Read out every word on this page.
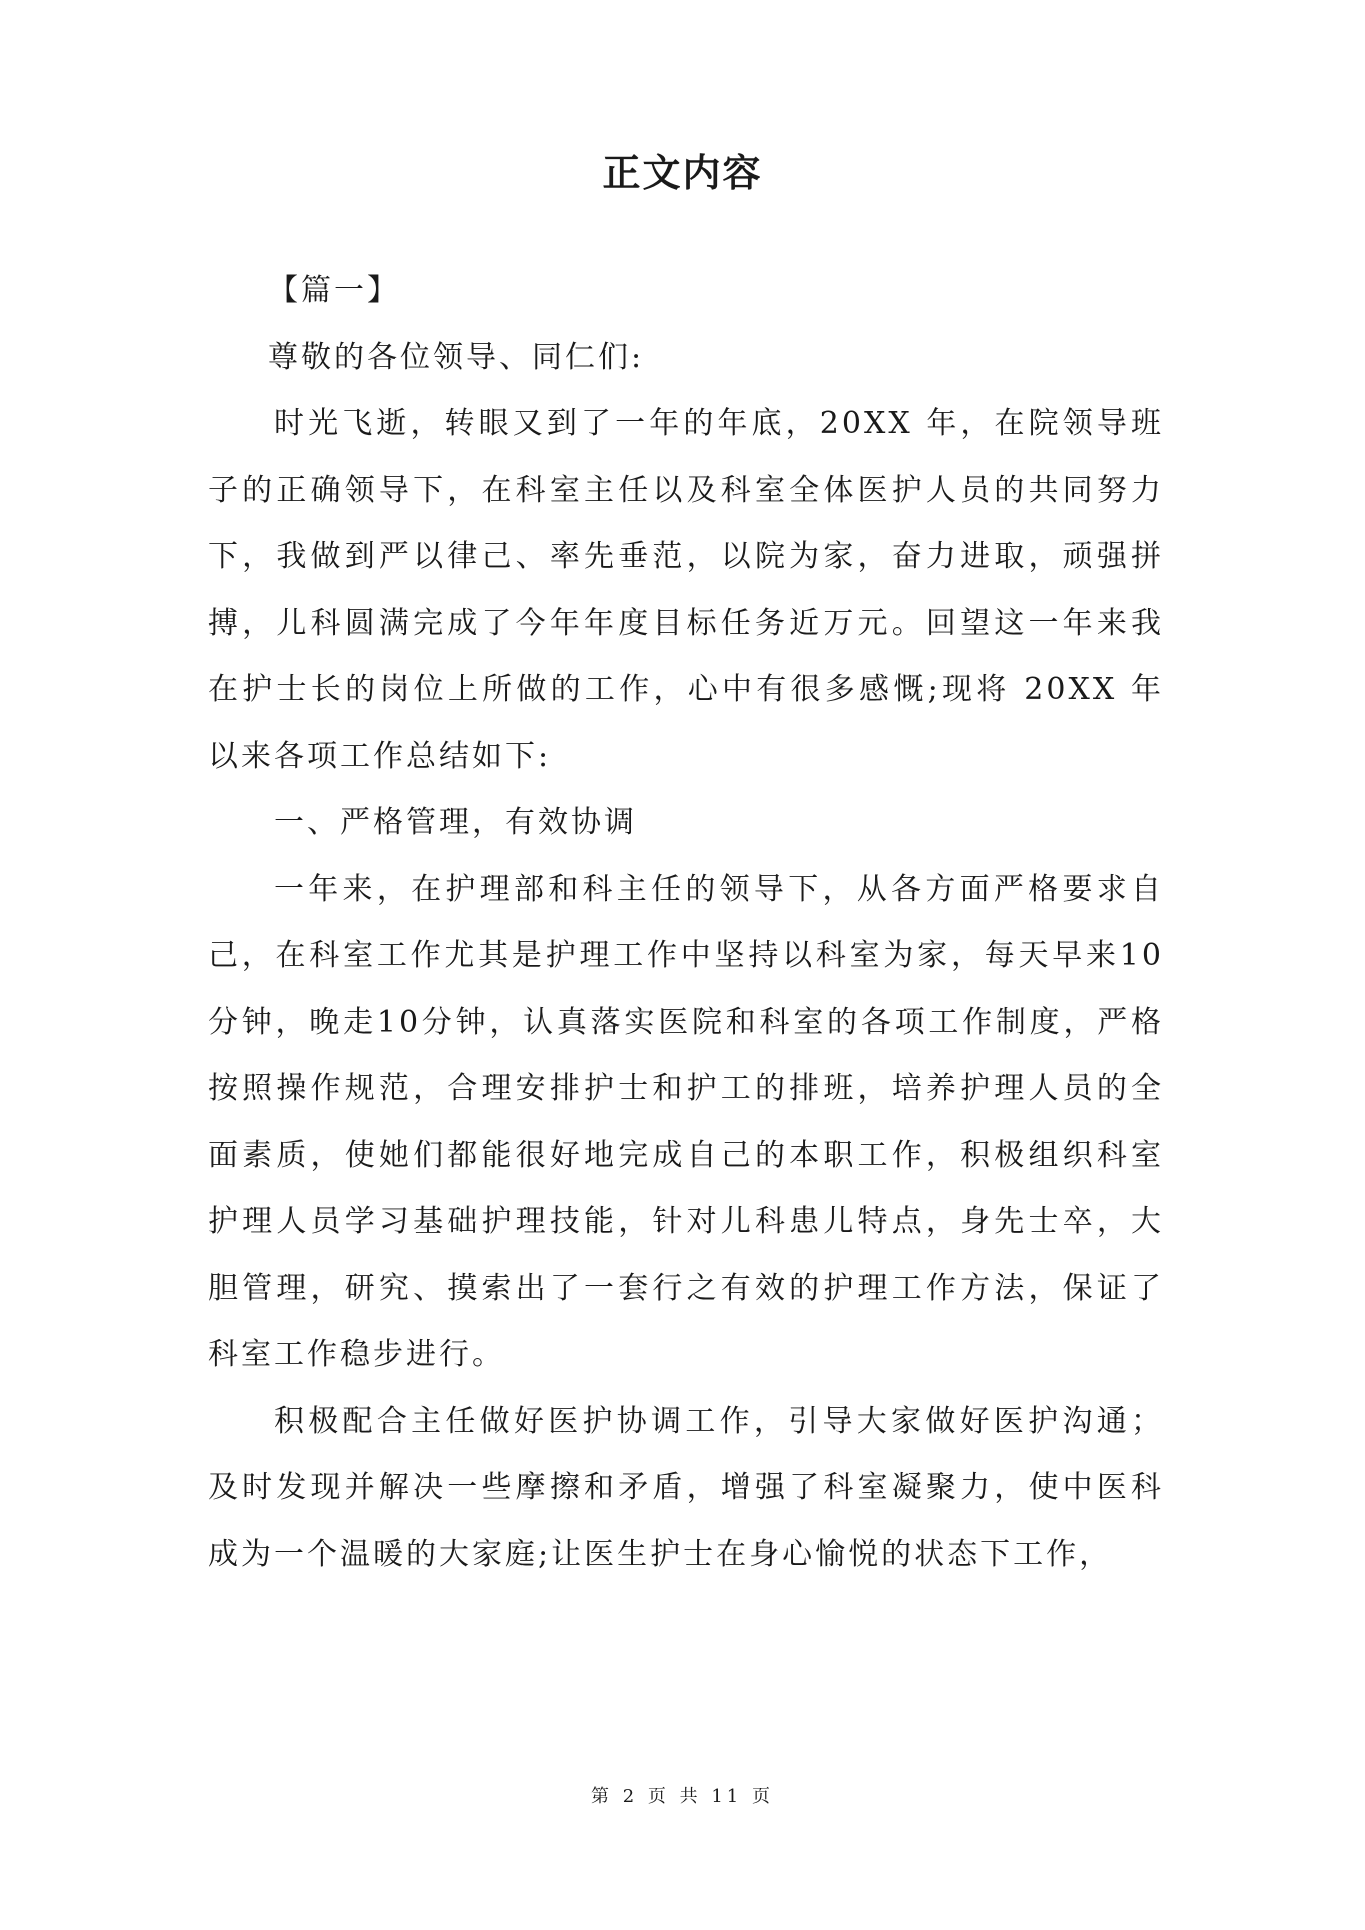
正文内容

【篇一】

尊敬的各位领导、同仁们:

时光飞逝，转眼又到了一年的年底，20XX 年，在院领导班子的正确领导下，在科室主任以及科室全体医护人员的共同努力下，我做到严以律己、率先垂范，以院为家，奋力进取，顽强拼搏，儿科圆满完成了今年年度目标任务近万元。回望这一年来我在护士长的岗位上所做的工作，心中有很多感慨;现将 20XX 年以来各项工作总结如下:

一、严格管理，有效协调

一年来，在护理部和科主任的领导下，从各方面严格要求自己，在科室工作尤其是护理工作中坚持以科室为家，每天早来10分钟，晚走10分钟，认真落实医院和科室的各项工作制度，严格按照操作规范，合理安排护士和护工的排班，培养护理人员的全面素质，使她们都能很好地完成自己的本职工作，积极组织科室护理人员学习基础护理技能，针对儿科患儿特点，身先士卒，大胆管理，研究、摸索出了一套行之有效的护理工作方法，保证了科室工作稳步进行。

积极配合主任做好医护协调工作，引导大家做好医护沟通；及时发现并解决一些摩擦和矛盾，增强了科室凝聚力，使中医科成为一个温暖的大家庭;让医生护士在身心愉悦的状态下工作，

第 2 页 共 11 页
